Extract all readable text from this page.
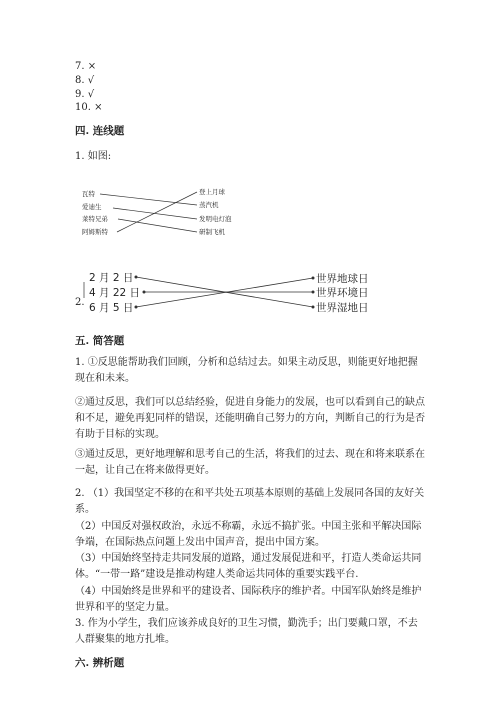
7. ×
8. √
9. √
10. ×
四. 连线题
1. 如图:
瓦特
爱迪生
莱特兄弟
阿姆斯特
登上月球
蒸汽机
发明电灯泡
研制飞机
2 月 2 日
4 月 22 日
6 月 5 日
世界地球日
世界环境日
世界湿地日
2.
五. 简答题
1. ①反思能帮助我们回顾，分析和总结过去。如果主动反思，则能更好地把握现在和未来。
②通过反思，我们可以总结经验，促进自身能力的发展，也可以看到自己的缺点和不足，避免再犯同样的错误，还能明确自己努力的方向，判断自己的行为是否有助于目标的实现。
③通过反思，更好地理解和思考自己的生活，将我们的过去、现在和将来联系在一起，让自己在将来做得更好。
2. （1）我国坚定不移的在和平共处五项基本原则的基础上发展同各国的友好关系。
（2）中国反对强权政治，永远不称霸，永远不搞扩张。中国主张和平解决国际争端，在国际热点问题上发出中国声音，提出中国方案。
（3）中国始终坚持走共同发展的道路，通过发展促进和平，打造人类命运共同体。“一带一路”建设是推动构建人类命运共同体的重要实践平台.
（4）中国始终是世界和平的建设者、国际秩序的维护者。中国军队始终是维护世界和平的坚定力量。
3. 作为小学生，我们应该养成良好的卫生习惯，勤洗手；出门要戴口罩，不去人群聚集的地方扎堆。
六. 辨析题
